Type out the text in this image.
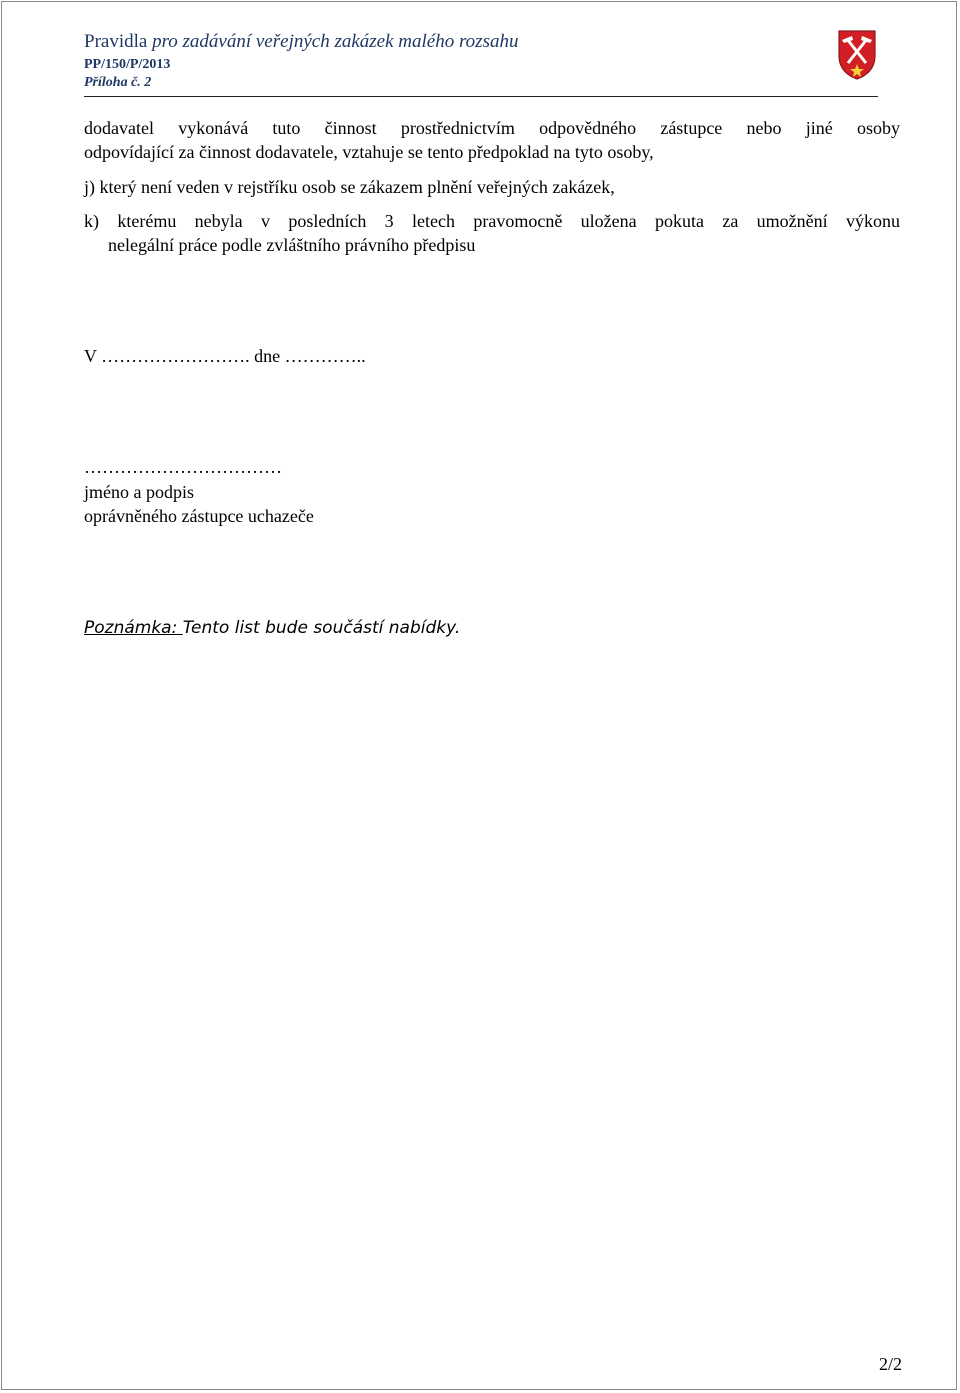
Pravidla pro zadávání veřejných zakázek malého rozsahu
PP/150/P/2013
Příloha č. 2
dodavatel vykonává tuto činnost prostřednictvím odpovědného zástupce nebo jiné osoby
odpovídající za činnost dodavatele, vztahuje se tento předpoklad na tyto osoby,
j) který není veden v rejstříku osob se zákazem plnění veřejných zakázek,
k) kterému nebyla v posledních 3 letech pravomocně uložena pokuta za umožnění výkonu
nelegální práce podle zvláštního právního předpisu
V ……………………. dne …………..
……………………………
jméno a podpis
oprávněného zástupce uchazeče
Poznámka: Tento list bude součástí nabídky.
2/2
